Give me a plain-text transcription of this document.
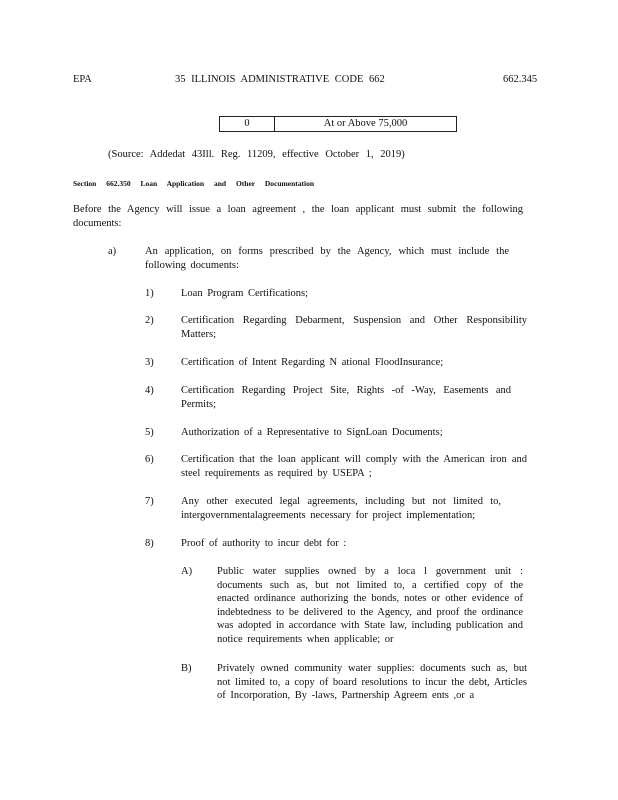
EPA	35 ILLINOIS ADMINISTRATIVE CODE 662	662.345
0	At or Above 75,000
(Source: Addedat 43Ill. Reg. 11209, effective October 1, 2019)
Section 662.350 Loan Application and Other Documentation
Before the Agency will issue a loan agreement , the loan applicant must submit the following documents:
a)	An application, on forms prescribed by the Agency, which must include the following documents:
1)	Loan Program Certifications;
2)	Certification Regarding Debarment, Suspension and Other Responsibility Matters;
3)	Certification of Intent Regarding N ational FloodInsurance;
4)	Certification Regarding Project Site, Rights -of -Way, Easements and Permits;
5)	Authorization of a Representative to SignLoan Documents;
6)	Certification that the loan applicant will comply with the American iron and steel requirements as required by USEPA ;
7)	Any other executed legal agreements, including but not limited to, intergovernmentalagreements necessary for project implementation;
8)	Proof of authority to incur debt for :
A) Public water supplies owned by a loca l government unit : documents such as, but not limited to, a certified copy of the enacted ordinance authorizing the bonds, notes or other evidence of indebtedness to be delivered to the Agency, and proof the ordinance was adopted in accordance with State law, including publication and notice requirements when applicable; or
B) Privately owned community water supplies: documents such as, but not limited to, a copy of board resolutions to incur the debt, Articles of Incorporation, By -laws, Partnership Agreem ents ,or a
